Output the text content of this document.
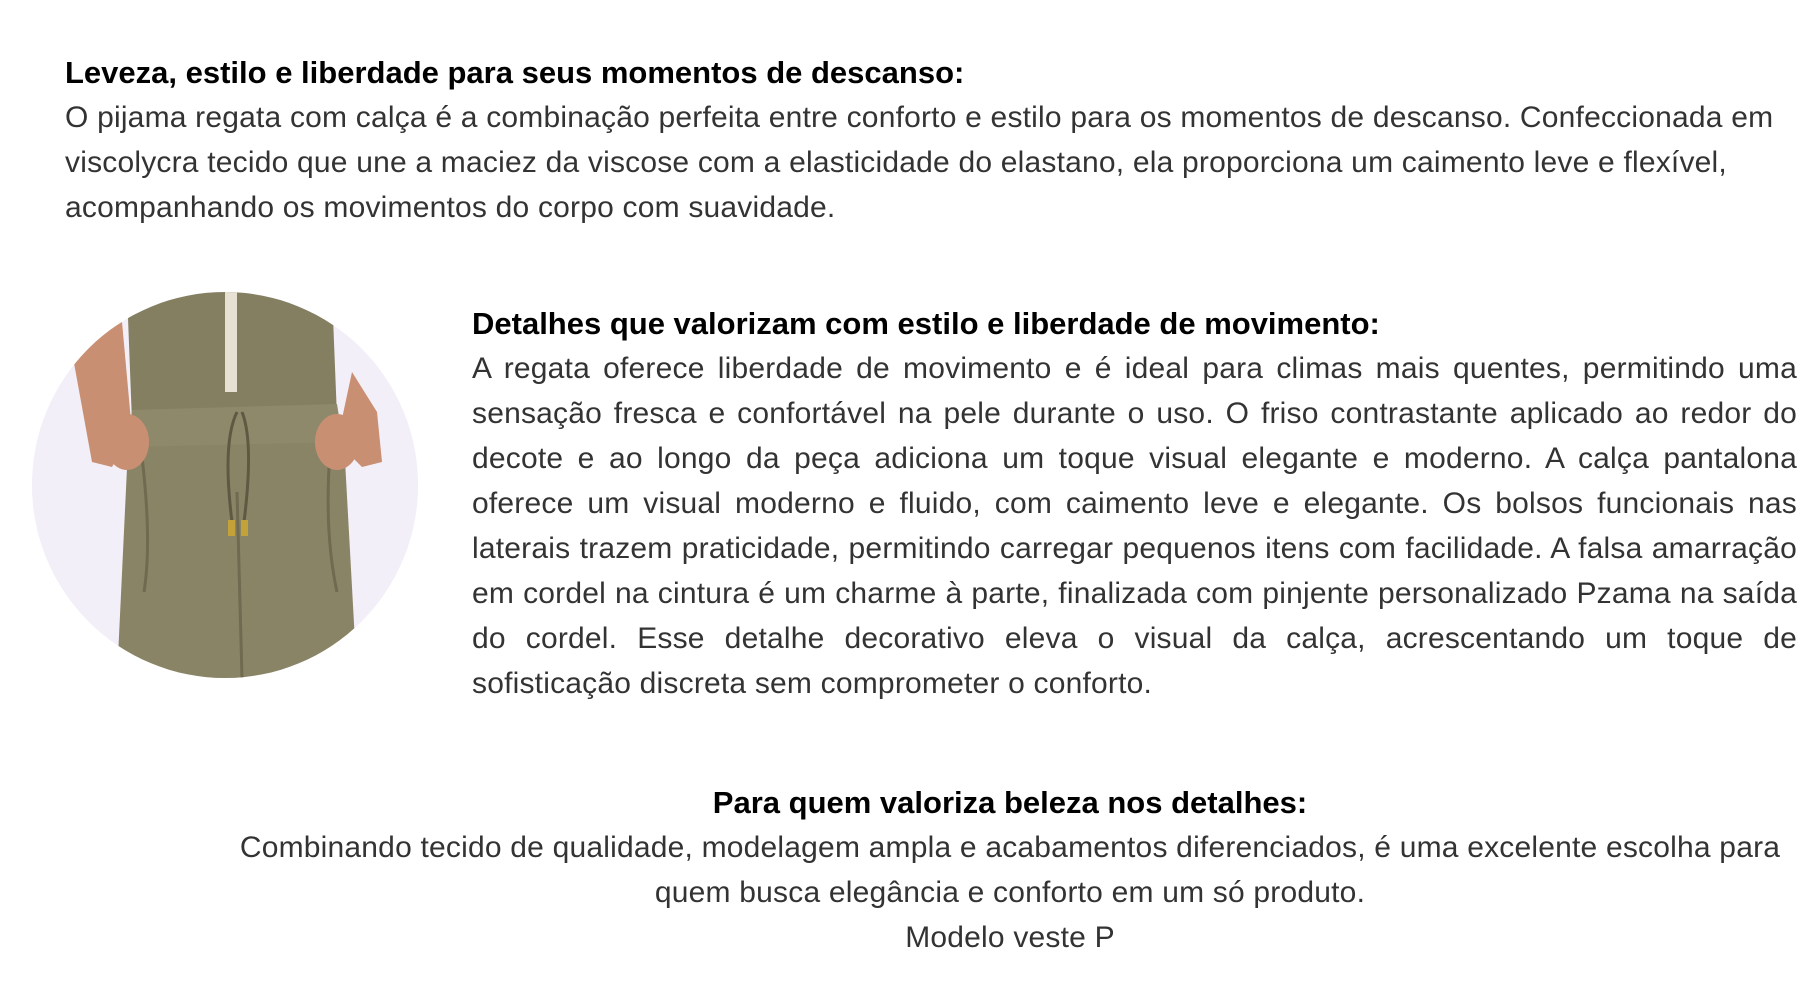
Leveza, estilo e liberdade para seus momentos de descanso:

O pijama regata com calça é a combinação perfeita entre conforto e estilo para os momentos de descanso. Confeccionada em viscolycra tecido que une a maciez da viscose com a elasticidade do elastano, ela proporciona um caimento leve e flexível, acompanhando os movimentos do corpo com suavidade.

Detalhes que valorizam com estilo e liberdade de movimento:

A regata oferece liberdade de movimento e é ideal para climas mais quentes, permitindo uma sensação fresca e confortável na pele durante o uso. O friso contrastante aplicado ao redor do decote e ao longo da peça adiciona um toque visual elegante e moderno. A calça pantalona oferece um visual moderno e fluido, com caimento leve e elegante. Os bolsos funcionais nas laterais trazem praticidade, permitindo carregar pequenos itens com facilidade. A falsa amarração em cordel na cintura é um charme à parte, finalizada com pinjente personalizado Pzama na saída do cordel. Esse detalhe decorativo eleva o visual da calça, acrescentando um toque de sofisticação discreta sem comprometer o conforto.

Para quem valoriza beleza nos detalhes:

Combinando tecido de qualidade, modelagem ampla e acabamentos diferenciados, é uma excelente escolha para quem busca elegância e conforto em um só produto.

Modelo veste P
